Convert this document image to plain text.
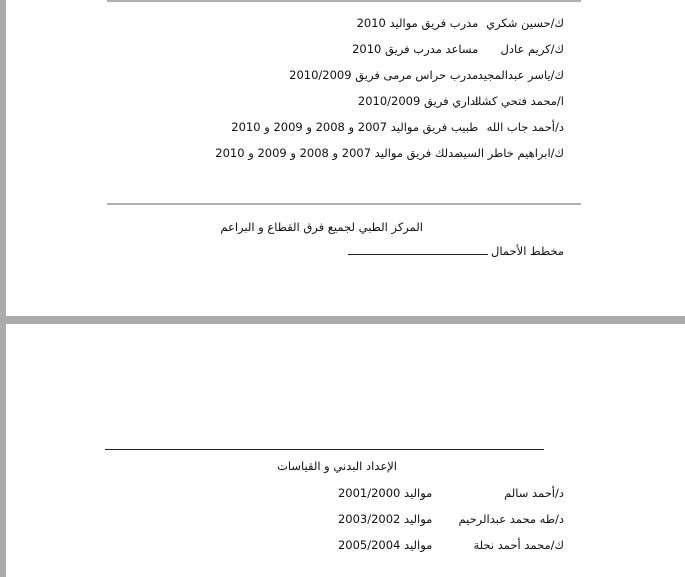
ك/حسين شكري مدرب فريق مواليد 2010
ك/كريم عادل مساعد مدرب فريق 2010
ك/ياسر عبدالمجيد مدرب حراس مرمى فريق 2010/2009
ا/محمد فتحي كشك اداري فريق 2010/2009
د/أحمد جاب الله طبيب فريق مواليد 2007 و 2008 و 2009 و 2010
ك/ابراهيم خاطر السيد مدلك فريق مواليد 2007 و 2008 و 2009 و 2010
المركز الطبي لجميع فرق القطاع و البراعم
مخطط الأحمال
الإعداد البدني و القياسات
د/أحمد سالم مواليد 2001/2000
د/طه محمد عبدالرحيم مواليد 2003/2002
ك/محمد أحمد نحلة مواليد 2005/2004
